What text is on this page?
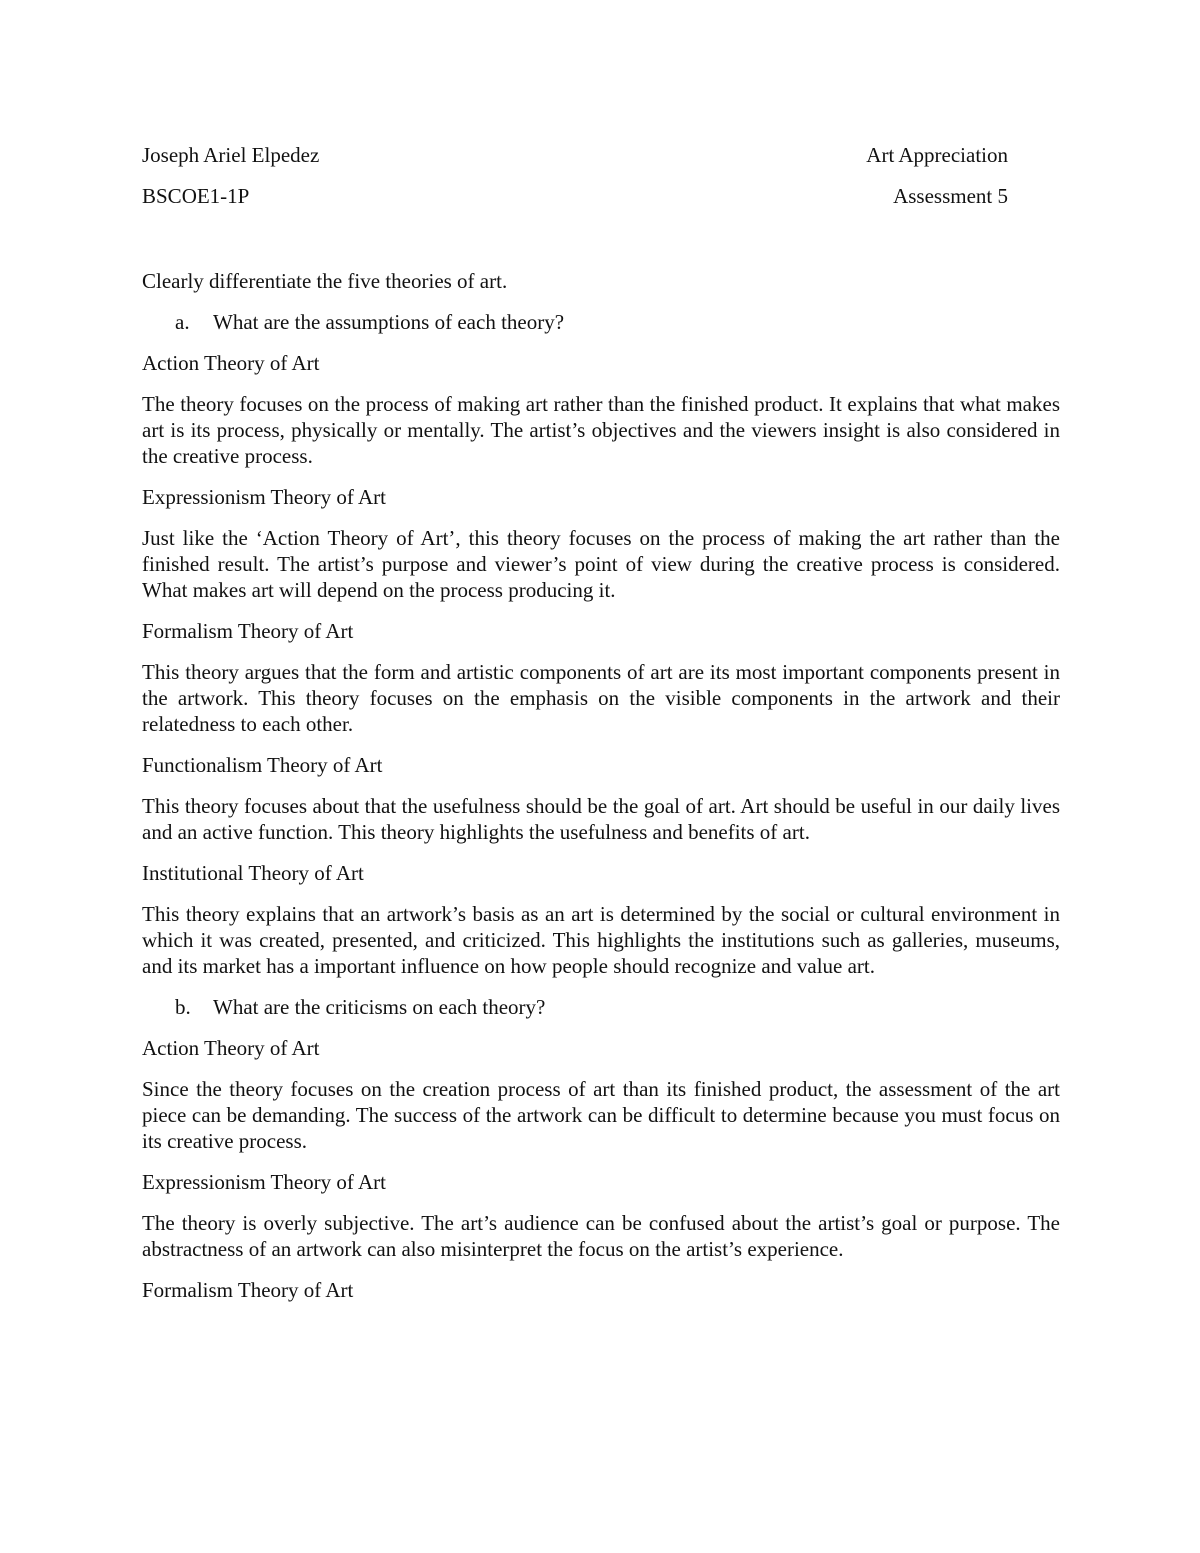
Joseph Ariel Elpedez	Art Appreciation
BSCOE1-1P	Assessment 5

Clearly differentiate the five theories of art.

a.	What are the assumptions of each theory?

Action Theory of Art

The theory focuses on the process of making art rather than the finished product. It explains that what makes art is its process, physically or mentally. The artist’s objectives and the viewers insight is also considered in the creative process.

Expressionism Theory of Art

Just like the ‘Action Theory of Art’, this theory focuses on the process of making the art rather than the finished result. The artist’s purpose and viewer’s point of view during the creative process is considered. What makes art will depend on the process producing it.

Formalism Theory of Art

This theory argues that the form and artistic components of art are its most important components present in the artwork. This theory focuses on the emphasis on the visible components in the artwork and their relatedness to each other.

Functionalism Theory of Art

This theory focuses about that the usefulness should be the goal of art. Art should be useful in our daily lives and an active function. This theory highlights the usefulness and benefits of art.

Institutional Theory of Art

This theory explains that an artwork’s basis as an art is determined by the social or cultural environment in which it was created, presented, and criticized. This highlights the institutions such as galleries, museums, and its market has a important influence on how people should recognize and value art.

b.	What are the criticisms on each theory?

Action Theory of Art

Since the theory focuses on the creation process of art than its finished product, the assessment of the art piece can be demanding. The success of the artwork can be difficult to determine because you must focus on its creative process.

Expressionism Theory of Art

The theory is overly subjective. The art’s audience can be confused about the artist’s goal or purpose. The abstractness of an artwork can also misinterpret the focus on the artist’s experience.

Formalism Theory of Art
